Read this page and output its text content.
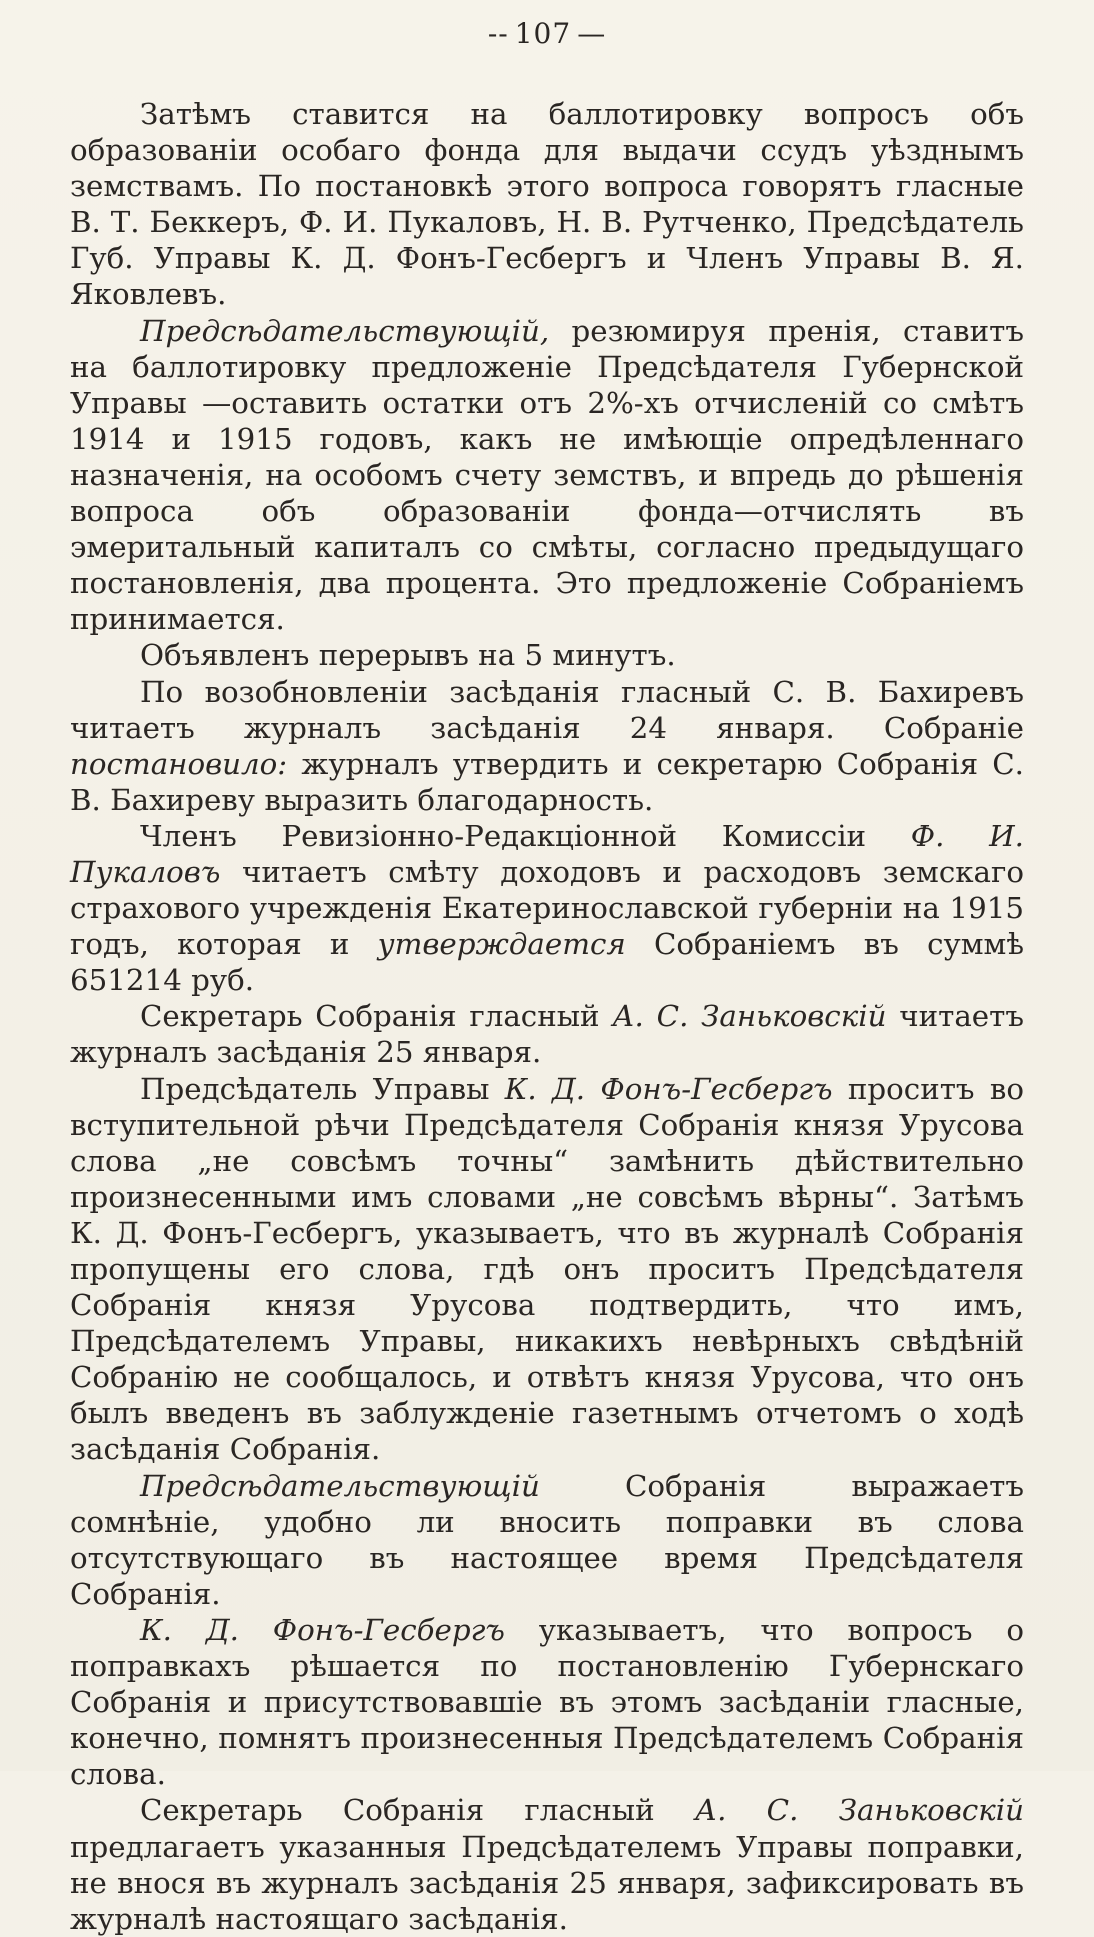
-- 107 —

Затѣмъ ставится на баллотировку вопросъ объ образованіи особаго фонда для выдачи ссудъ уѣзднымъ земствамъ. По постановкѣ этого вопроса говорятъ гласные В. Т. Беккеръ, Ф. И. Пукаловъ, Н. В. Рутченко, Предсѣдатель Губ. Управы К. Д. Фонъ-Гесбергъ и Членъ Управы В. Я. Яковлевъ.

Предсѣдательствующій, резюмируя пренія, ставитъ на баллотировку предложеніе Предсѣдателя Губернской Управы —оставить остатки отъ 2%-хъ отчисленій со смѣтъ 1914 и 1915 годовъ, какъ не имѣющіе опредѣленнаго назначенія, на особомъ счету земствъ, и впредь до рѣшенія вопроса объ образованіи фонда—отчислять въ эмеритальный капиталъ со смѣты, согласно предыдущаго постановленія, два процента. Это предложеніе Собраніемъ принимается.

Объявленъ перерывъ на 5 минутъ.

По возобновленіи засѣданія гласный С. В. Бахиревъ читаетъ журналъ засѣданія 24 января. Собраніе постановило: журналъ утвердить и секретарю Собранія С. В. Бахиреву выразить благодарность.

Членъ Ревизіонно-Редакціонной Комиссіи Ф. И. Пукаловъ читаетъ смѣту доходовъ и расходовъ земскаго страхового учрежденія Екатеринославской губерніи на 1915 годъ, которая и утверждается Собраніемъ въ суммѣ 651214 руб.

Секретарь Собранія гласный А. С. Заньковскій читаетъ журналъ засѣданія 25 января.

Предсѣдатель Управы К. Д. Фонъ-Гесбергъ проситъ во вступительной рѣчи Предсѣдателя Собранія князя Урусова слова „не совсѣмъ точны“ замѣнить дѣйствительно произнесенными имъ словами „не совсѣмъ вѣрны“. Затѣмъ К. Д. Фонъ-Гесбергъ, указываетъ, что въ журналѣ Собранія пропущены его слова, гдѣ онъ проситъ Предсѣдателя Собранія князя Урусова подтвердить, что имъ, Предсѣдателемъ Управы, никакихъ невѣрныхъ свѣдѣній Собранію не сообщалось, и отвѣтъ князя Урусова, что онъ былъ введенъ въ заблужденіе газетнымъ отчетомъ о ходѣ засѣданія Собранія.

Предсѣдательствующій Собранія выражаетъ сомнѣніе, удобно ли вносить поправки въ слова отсутствующаго въ настоящее время Предсѣдателя Собранія.

К. Д. Фонъ-Гесбергъ указываетъ, что вопросъ о поправкахъ рѣшается по постановленію Губернскаго Собранія и присутствовавшіе въ этомъ засѣданіи гласные, конечно, помнятъ произнесенныя Предсѣдателемъ Собранія слова.

Секретарь Собранія гласный А. С. Заньковскій предлагаетъ указанныя Предсѣдателемъ Управы поправки, не внося въ журналъ засѣданія 25 января, зафиксировать въ журналѣ настоящаго засѣданія.
